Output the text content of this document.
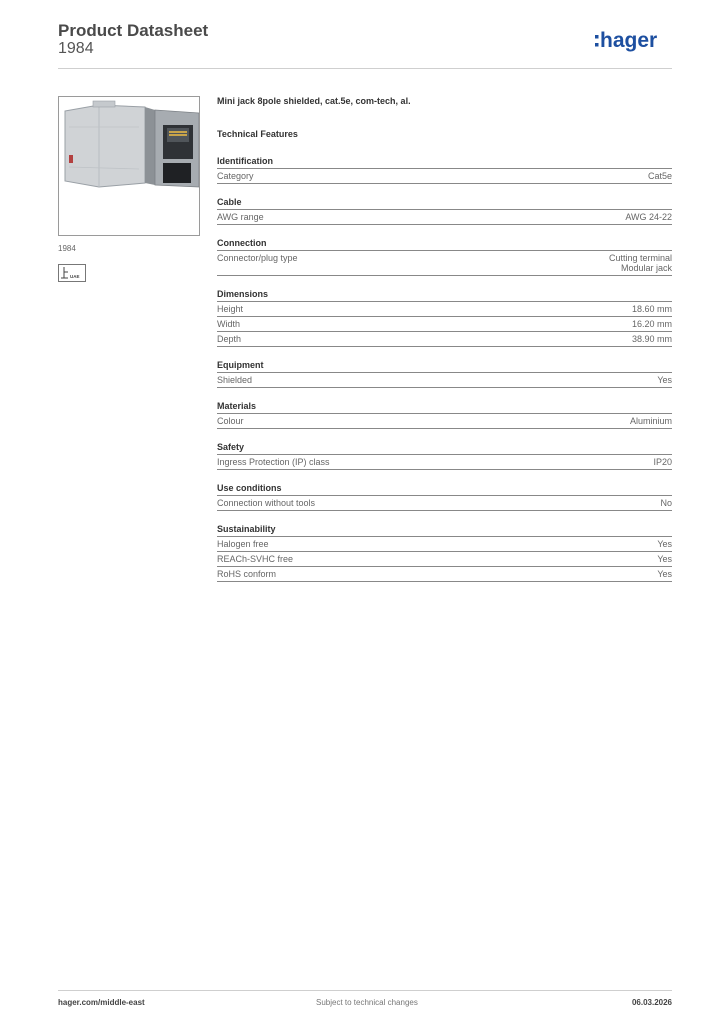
Product Datasheet
1984	hager
1984
UAE
Mini jack 8pole shielded, cat.5e, com-tech, al.
Technical Features
Identification
Category	Cat5e
Cable
AWG range	AWG 24-22
Connection
Connector/plug type	Cutting terminal
Modular jack
Dimensions
Height	18.60 mm
Width	16.20 mm
Depth	38.90 mm
Equipment
Shielded	Yes
Materials
Colour	Aluminium
Safety
Ingress Protection (IP) class	IP20
Use conditions
Connection without tools	No
Sustainability
Halogen free	Yes
REACh-SVHC free	Yes
RoHS conform	Yes
hager.com/middle-east	Subject to technical changes	06.03.2026
